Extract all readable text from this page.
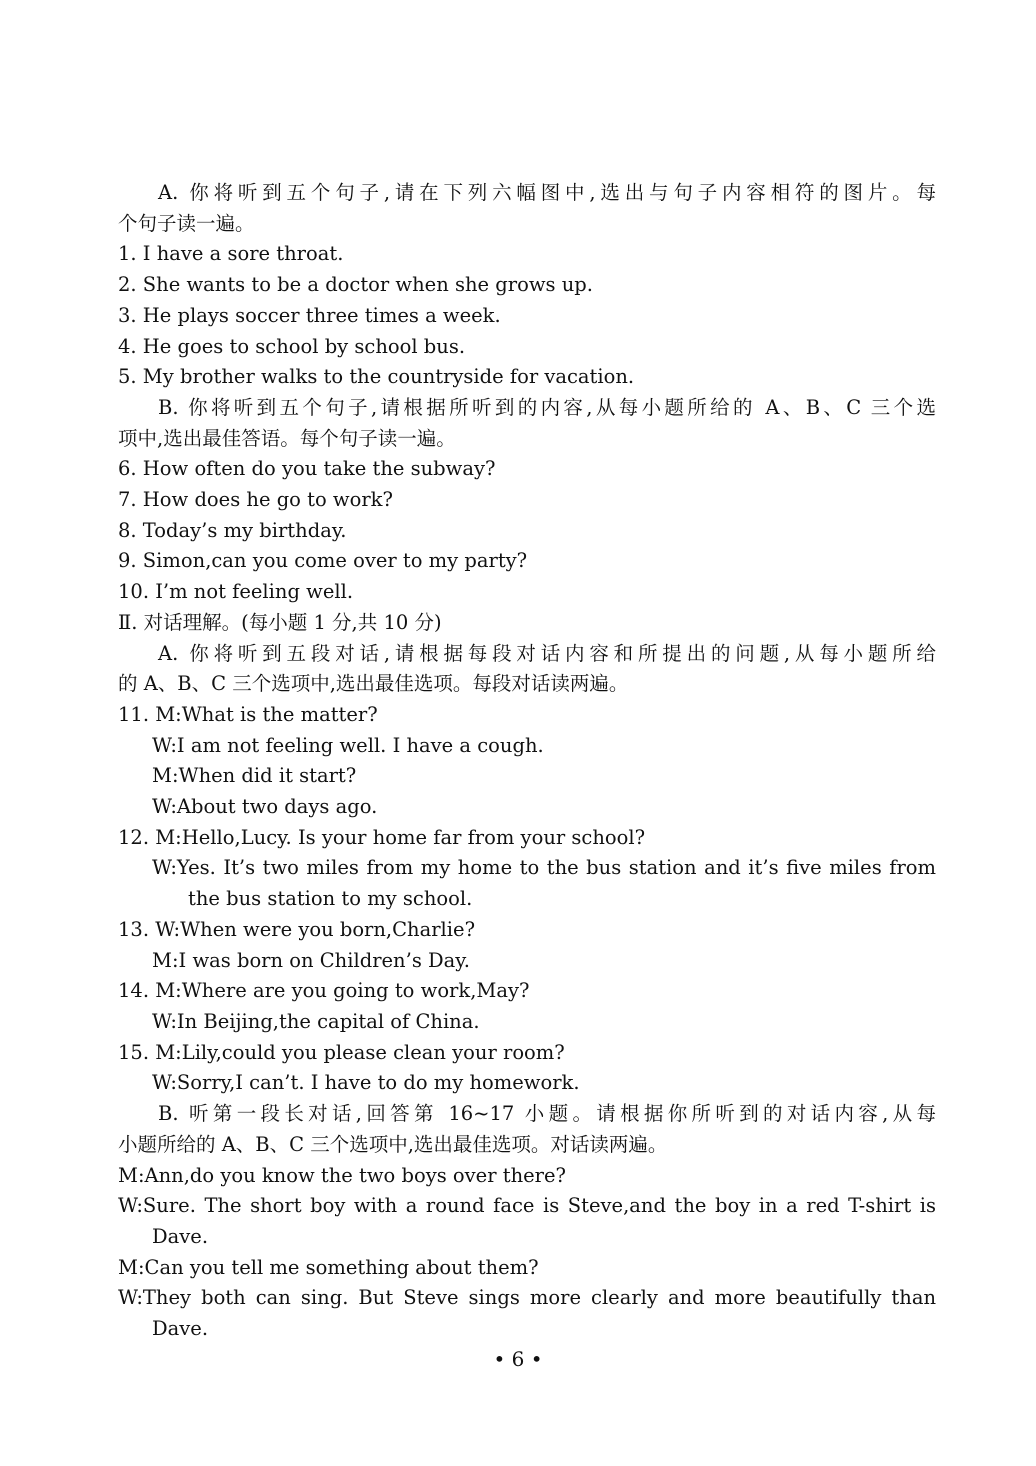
A. 你将听到五个句子,请在下列六幅图中,选出与句子内容相符的图片。每
个句子读一遍。
1. I have a sore throat.
2. She wants to be a doctor when she grows up.
3. He plays soccer three times a week.
4. He goes to school by school bus.
5. My brother walks to the countryside for vacation.
B. 你将听到五个句子,请根据所听到的内容,从每小题所给的 A、B、C 三个选
项中,选出最佳答语。每个句子读一遍。
6. How often do you take the subway?
7. How does he go to work?
8. Today’s my birthday.
9. Simon,can you come over to my party?
10. I’m not feeling well.
Ⅱ. 对话理解。(每小题 1 分,共 10 分)
A. 你将听到五段对话,请根据每段对话内容和所提出的问题,从每小题所给
的 A、B、C 三个选项中,选出最佳选项。每段对话读两遍。
11. M:What is the matter?
W:I am not feeling well. I have a cough.
M:When did it start?
W:About two days ago.
12. M:Hello,Lucy. Is your home far from your school?
W:Yes. It’s two miles from my home to the bus station and it’s five miles from
the bus station to my school.
13. W:When were you born,Charlie?
M:I was born on Children’s Day.
14. M:Where are you going to work,May?
W:In Beijing,the capital of China.
15. M:Lily,could you please clean your room?
W:Sorry,I can’t. I have to do my homework.
B. 听第一段长对话,回答第 16~17 小题。请根据你所听到的对话内容,从每
小题所给的 A、B、C 三个选项中,选出最佳选项。对话读两遍。
M:Ann,do you know the two boys over there?
W:Sure. The short boy with a round face is Steve,and the boy in a red T-shirt is
Dave.
M:Can you tell me something about them?
W:They both can sing. But Steve sings more clearly and more beautifully than
Dave.
• 6 •
